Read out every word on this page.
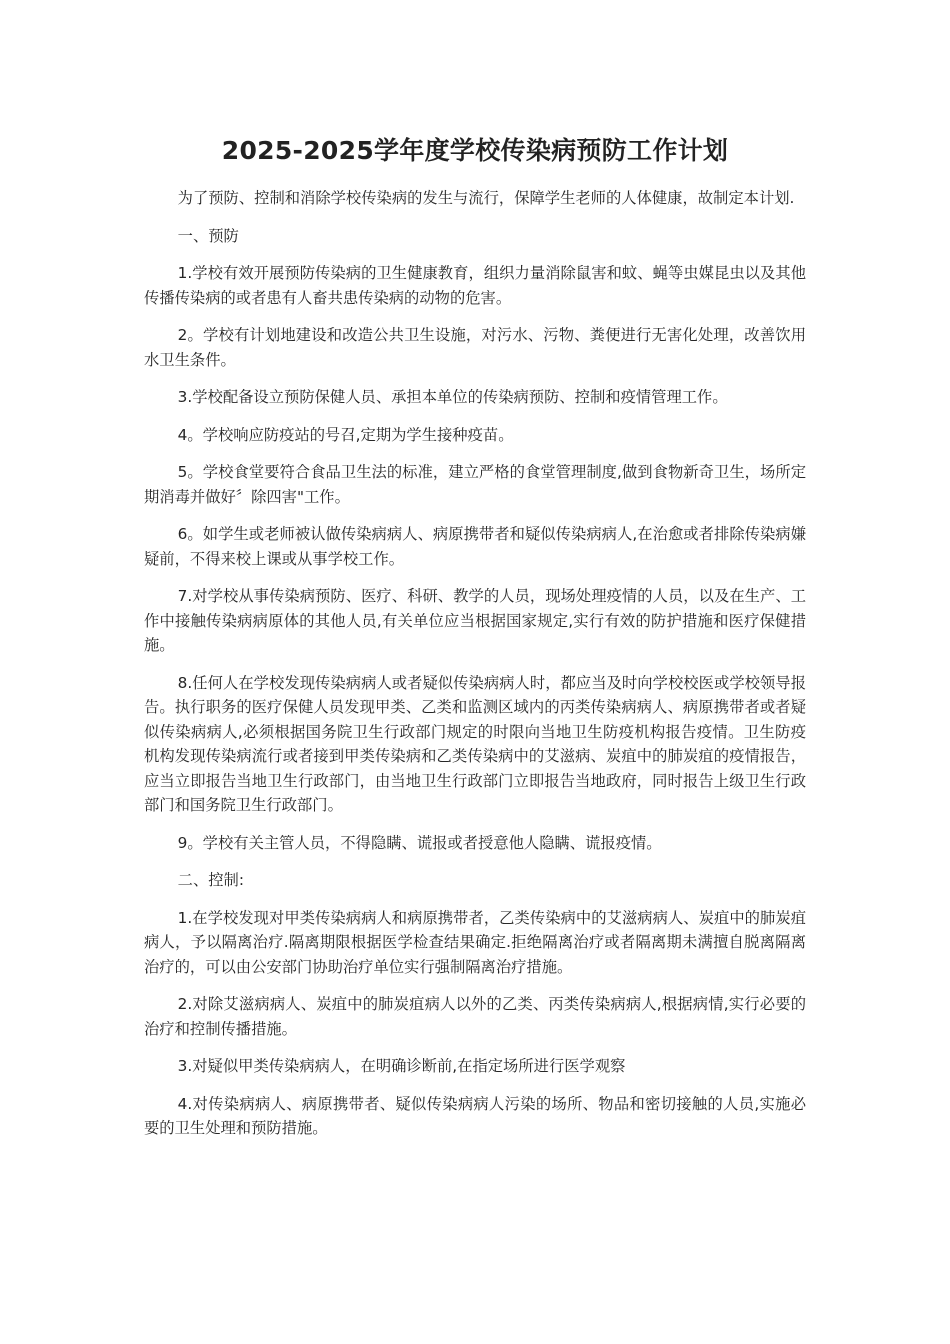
2025-2025学年度学校传染病预防工作计划

为了预防、控制和消除学校传染病的发生与流行，保障学生老师的人体健康，故制定本计划.

一、预防

1.学校有效开展预防传染病的卫生健康教育，组织力量消除鼠害和蚊、蝇等虫媒昆虫以及其他传播传染病的或者患有人畜共患传染病的动物的危害。

2。学校有计划地建设和改造公共卫生设施，对污水、污物、粪便进行无害化处理，改善饮用水卫生条件。

3.学校配备设立预防保健人员、承担本单位的传染病预防、控制和疫情管理工作。

4。学校响应防疫站的号召,定期为学生接种疫苗。

5。学校食堂要符合食品卫生法的标准，建立严格的食堂管理制度,做到食物新奇卫生，场所定期消毒并做好〞除四害"工作。

6。如学生或老师被认做传染病病人、病原携带者和疑似传染病病人,在治愈或者排除传染病嫌疑前，不得来校上课或从事学校工作。

7.对学校从事传染病预防、医疗、科研、教学的人员，现场处理疫情的人员，以及在生产、工作中接触传染病病原体的其他人员,有关单位应当根据国家规定,实行有效的防护措施和医疗保健措施。

8.任何人在学校发现传染病病人或者疑似传染病病人时，都应当及时向学校校医或学校领导报告。执行职务的医疗保健人员发现甲类、乙类和监测区域内的丙类传染病病人、病原携带者或者疑似传染病病人,必须根据国务院卫生行政部门规定的时限向当地卫生防疫机构报告疫情。卫生防疫机构发现传染病流行或者接到甲类传染病和乙类传染病中的艾滋病、炭疽中的肺炭疽的疫情报告，应当立即报告当地卫生行政部门，由当地卫生行政部门立即报告当地政府，同时报告上级卫生行政部门和国务院卫生行政部门。

9。学校有关主管人员，不得隐瞒、谎报或者授意他人隐瞒、谎报疫情。

二、控制:

1.在学校发现对甲类传染病病人和病原携带者，乙类传染病中的艾滋病病人、炭疽中的肺炭疽病人，予以隔离治疗.隔离期限根据医学检查结果确定.拒绝隔离治疗或者隔离期未满擅自脱离隔离治疗的，可以由公安部门协助治疗单位实行强制隔离治疗措施。

2.对除艾滋病病人、炭疽中的肺炭疽病人以外的乙类、丙类传染病病人,根据病情,实行必要的治疗和控制传播措施。

3.对疑似甲类传染病病人，在明确诊断前,在指定场所进行医学观察

4.对传染病病人、病原携带者、疑似传染病病人污染的场所、物品和密切接触的人员,实施必要的卫生处理和预防措施。
